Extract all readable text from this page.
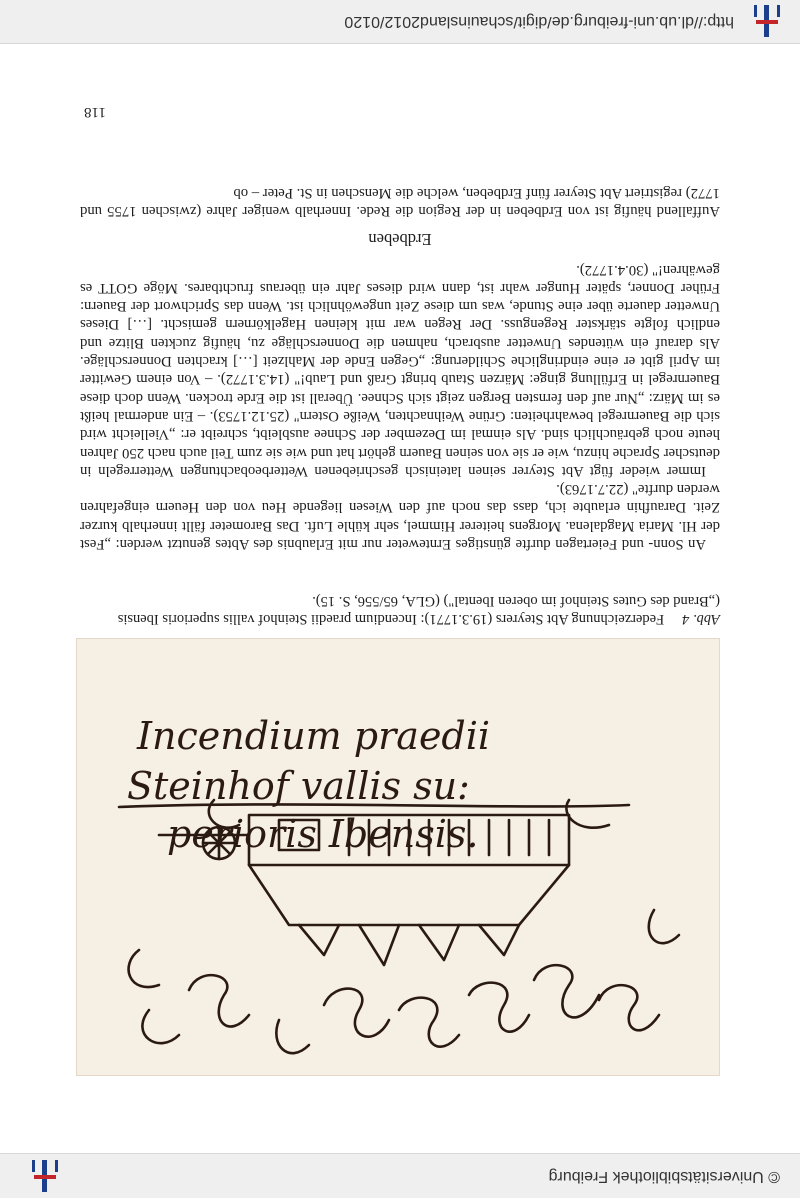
© Universitätsbibliothek Freiburg
Incendium praedii
Steinhof vallis su:
perioris Ibensis.
Abb. 4Federzeichnung Abt Steyrers (19.3.1771): Incendium praedii Steinhof vallis superioris Ibensis („Brand des Gutes Steinhof im oberen Ibental") (GLA, 65/556, S. 15).

An Sonn- und Feiertagen durfte günstiges Ernteweter nur mit Erlaubnis des Abtes genutzt werden: „Fest der Hl. Maria Magdalena. Morgens heiterer Himmel, sehr kühle Luft. Das Barometer fällt innerhalb kurzer Zeit. Daraufhin erlaubte ich, dass das noch auf den Wiesen liegende Heu von den Heuern eingefahren werden durfte" (22.7.1763).

Immer wieder fügt Abt Steyrer seinen lateinisch geschriebenen Wetterbeobachtungen Wetterregeln in deutscher Sprache hinzu, wie er sie von seinen Bauern gehört hat und wie sie zum Teil auch nach 250 Jahren heute noch gebräuchlich sind. Als einmal im Dezember der Schnee ausbleibt, schreibt er: „Vielleicht wird sich die Bauernregel bewahrheiten: Grüne Weihnachten, Weiße Ostern" (25.12.1753). – Ein andermal heißt es im März: „Nur auf den fernsten Bergen zeigt sich Schnee. Überall ist die Erde trocken. Wenn doch diese Bauernregel in Erfüllung ginge: Märzen Staub bringt Graß und Laub!" (14.3.1772). – Von einem Gewitter im April gibt er eine eindringliche Schilderung: „Gegen Ende der Mahlzeit […] krachten Donnerschläge. Als darauf ein wütendes Unwetter ausbrach, nahmen die Donnerschläge zu, häufig zuckten Blitze und endlich folgte stärkster Regenguss. Der Regen war mit kleinen Hagelkörnern gemischt. […] Dieses Unwetter dauerte über eine Stunde, was um diese Zeit ungewöhnlich ist. Wenn das Sprichwort der Bauern: Früher Donner, später Hunger wahr ist, dann wird dieses Jahr ein überaus fruchtbares. Möge GOTT es gewähren!" (30.4.1772).

Erdbeben

Auffallend häufig ist von Erdbeben in der Region die Rede. Innerhalb weniger Jahre (zwischen 1755 und 1772) registriert Abt Steyrer fünf Erdbeben, welche die Menschen in St. Peter – ob

118
http://dl.ub.uni-freiburg.de/digit/schauinsland2012/0120
